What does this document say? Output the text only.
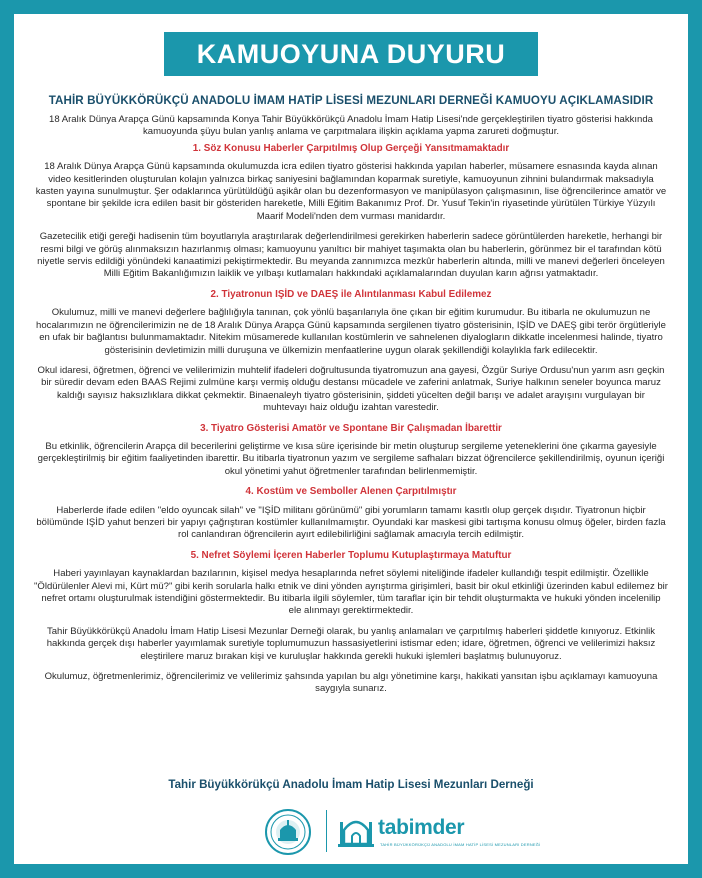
KAMUOYUNA DUYURU
TAHİR BÜYÜKKÖRÜKÇÜ ANADOLU İMAM HATİP LİSESİ MEZUNLARI DERNEĞİ KAMUOYU AÇIKLAMASIDIR

18 Aralık Dünya Arapça Günü kapsamında Konya Tahir Büyükkörükçü Anadolu İmam Hatip Lisesi'nde gerçekleştirilen tiyatro gösterisi hakkında kamuoyunda şüyu bulan yanlış anlama ve çarpıtmalara ilişkin açıklama yapma zarureti doğmuştur.

1. Söz Konusu Haberler Çarpıtılmış Olup Gerçeği Yansıtmamaktadır

18 Aralık Dünya Arapça Günü kapsamında okulumuzda icra edilen tiyatro gösterisi hakkında yapılan haberler, müsamere esnasında kayda alınan video kesitlerinden oluşturulan kolajın yalnızca birkaç saniyesini bağlamından koparmak suretiyle, kamuoyunun zihnini bulandırmak maksadıyla kasten yayına sunulmuştur. Şer odaklarınca yürütüldüğü aşikâr olan bu dezenformasyon ve manipülasyon çalışmasının, lise öğrencilerince amatör ve spontane bir şekilde icra edilen basit bir gösteriden hareketle, Milli Eğitim Bakanımız Prof. Dr. Yusuf Tekin'in riyasetinde yürütülen Türkiye Yüzyılı Maarif Modeli'nden dem vurması manidardır.

Gazetecilik etiği gereği hadisenin tüm boyutlarıyla araştırılarak değerlendirilmesi gerekirken haberlerin sadece görüntülerden hareketle, herhangi bir resmi bilgi ve görüş alınmaksızın hazırlanmış olması; kamuoyunu yanıltıcı bir mahiyet taşımakta olan bu haberlerin, görünmez bir el tarafından kötü niyetle servis edildiği yönündeki kanaatimizi pekiştirmektedir. Bu meyanda zannımızca mezkûr haberlerin altında, milli ve manevi değerleri önceleyen Milli Eğitim Bakanlığımızın laiklik ve yılbaşı kutlamaları hakkındaki açıklamalarından duyulan karın ağrısı yatmaktadır.

2. Tiyatronun IŞİD ve DAEŞ ile Alıntılanması Kabul Edilemez

Okulumuz, milli ve manevi değerlere bağlılığıyla tanınan, çok yönlü başarılarıyla öne çıkan bir eğitim kurumudur. Bu itibarla ne okulumuzun ne hocalarımızın ne öğrencilerimizin ne de 18 Aralık Dünya Arapça Günü kapsamında sergilenen tiyatro gösterisinin, IŞİD ve DAEŞ gibi terör örgütleriyle en ufak bir bağlantısı bulunmamaktadır. Nitekim müsamerede kullanılan kostümlerin ve sahnelenen diyalogların dikkatle incelenmesi halinde, tiyatro gösterisinin devletimizin milli duruşuna ve ülkemizin menfaatlerine uygun olarak şekillendiği kolaylıkla fark edilecektir.

Okul idaresi, öğretmen, öğrenci ve velilerimizin muhtelif ifadeleri doğrultusunda tiyatromuzun ana gayesi, Özgür Suriye Ordusu'nun yarım asrı geçkin bir süredir devam eden BAAS Rejimi zulmüne karşı vermiş olduğu destansı mücadele ve zaferini anlatmak, Suriye halkının seneler boyunca maruz kaldığı sayısız haksızlıklara dikkat çekmektir. Binaenaleyh tiyatro gösterisinin, şiddeti yücelten değil barışı ve adalet arayışını vurgulayan bir muhtevayı haiz olduğu izahtan varestedir.

3. Tiyatro Gösterisi Amatör ve Spontane Bir Çalışmadan İbarettir

Bu etkinlik, öğrencilerin Arapça dil becerilerini geliştirme ve kısa süre içerisinde bir metin oluşturup sergileme yeteneklerini öne çıkarma gayesiyle gerçekleştirilmiş bir eğitim faaliyetinden ibarettir. Bu itibarla tiyatronun yazım ve sergileme safhaları bizzat öğrencilerce şekillendirilmiş, oyunun içeriği okul yönetimi yahut öğretmenler tarafından belirlenmemiştir.

4. Kostüm ve Semboller Alenen Çarpıtılmıştır

Haberlerde ifade edilen "eldo oyuncak silah" ve "IŞİD militanı görünümü" gibi yorumların tamamı kasıtlı olup gerçek dışıdır. Tiyatronun hiçbir bölümünde IŞİD yahut benzeri bir yapıyı çağrıştıran kostümler kullanılmamıştır. Oyundaki kar maskesi gibi tartışma konusu olmuş öğeler, birden fazla rol canlandıran öğrencilerin ayırt edilebilirliğini sağlamak amacıyla tercih edilmiştir.

5. Nefret Söylemi İçeren Haberler Toplumu Kutuplaştırmaya Matuftur

Haberi yayınlayan kaynaklardan bazılarının, kişisel medya hesaplarında nefret söylemi niteliğinde ifadeler kullandığı tespit edilmiştir. Özellikle "Öldürülenler Alevi mi, Kürt mü?" gibi kerih sorularla halkı etnik ve dini yönden ayrıştırma girişimleri, basit bir okul etkinliği üzerinden kabul edilemez bir nefret ortamı oluşturulmak istendiğini göstermektedir. Bu itibarla ilgili söylemler, tüm taraflar için bir tehdit oluşturmakta ve hukuki yönden incelenilip ele alınmayı gerektirmektedir.

Tahir Büyükkörükçü Anadolu İmam Hatip Lisesi Mezunlar Derneği olarak, bu yanlış anlamaları ve çarpıtılmış haberleri şiddetle kınıyoruz. Etkinlik hakkında gerçek dışı haberler yayımlamak suretiyle toplumumuzun hassasiyetlerini istismar eden; idare, öğretmen, öğrenci ve velilerimizi haksız eleştirilere maruz bırakan kişi ve kuruluşlar hakkında gerekli hukuki işlemleri başlatmış bulunuyoruz.

Okulumuz, öğretmenlerimiz, öğrencilerimiz ve velilerimiz şahsında yapılan bu algı yönetimine karşı, hakikati yansıtan işbu açıklamayı kamuoyuna saygıyla sunarız.

Tahir Büyükkörükçü Anadolu İmam Hatip Lisesi Mezunları Derneği
tabimder
TAHİR BÜYÜKKÖRÜKÇÜ ANADOLU İMAM HATİP LİSESİ MEZUNLARI DERNEĞİ
